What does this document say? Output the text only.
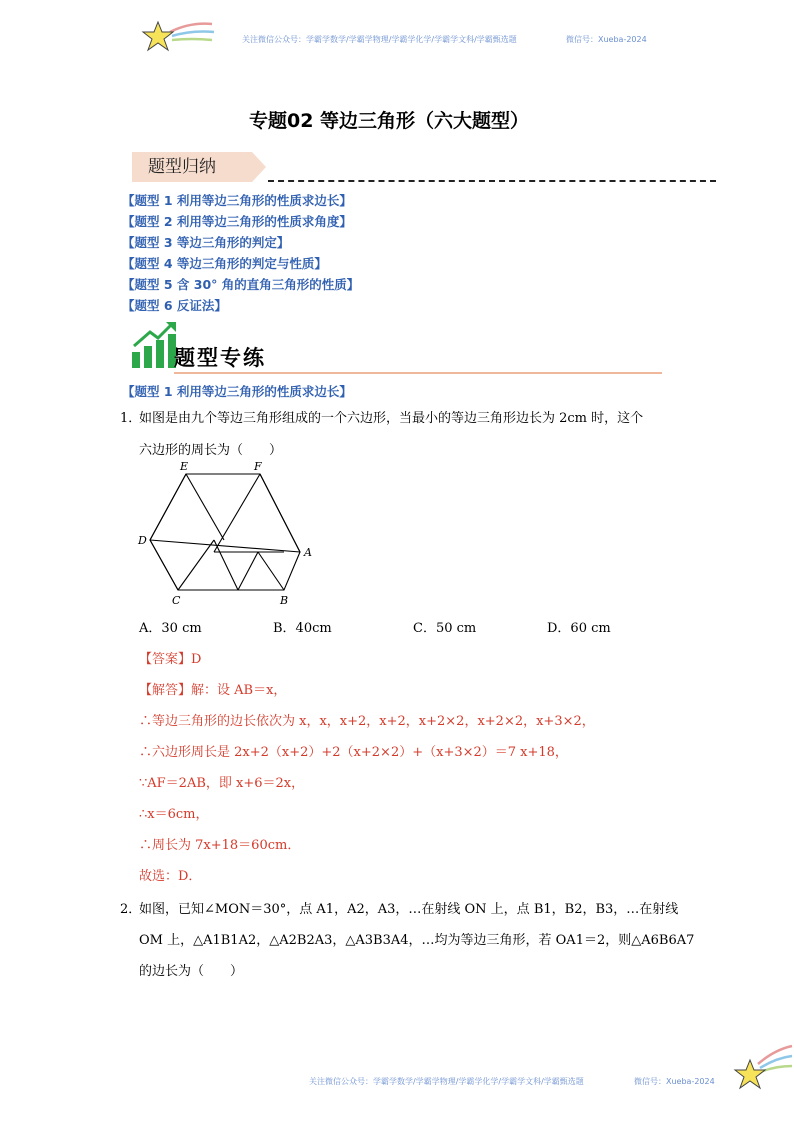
关注微信公众号：学霸学数学/学霸学物理/学霸学化学/学霸学文科/学霸甄选题	微信号：Xueba-2024
专题02 等边三角形（六大题型）
题型归纳
【题型 1 利用等边三角形的性质求边长】
【题型 2 利用等边三角形的性质求角度】
【题型 3 等边三角形的判定】
【题型 4 等边三角形的判定与性质】
【题型 5 含 30° 角的直角三角形的性质】
【题型 6 反证法】
题型专练
【题型 1 利用等边三角形的性质求边长】
1．
如图是由九个等边三角形组成的一个六边形，当最小的等边三角形边长为 2cm 时，这个
六边形的周长为（　　）
E	F
D
A
C	B
A．30 cm	B．40cm	C．50 cm	D．60 cm
【答案】D
【解答】解：设 AB＝x，
∴等边三角形的边长依次为 x，x，x+2，x+2，x+2×2，x+2×2，x+3×2，
∴六边形周长是 2x+2（x+2）+2（x+2×2）+（x+3×2）＝7 x+18，
∵AF＝2AB，即 x+6＝2x，
∴x＝6cm，
∴周长为 7x+18＝60cm．
故选：D．
2．
如图，已知∠MON＝30°，点 A1，A2，A3，…在射线 ON 上，点 B1，B2，B3，…在射线
OM 上，△A1B1A2，△A2B2A3，△A3B3A4，…均为等边三角形，若 OA1＝2，则△A6B6A7
的边长为（　　）
关注微信公众号：学霸学数学/学霸学物理/学霸学化学/学霸学文科/学霸甄选题	微信号：Xueba-2024
